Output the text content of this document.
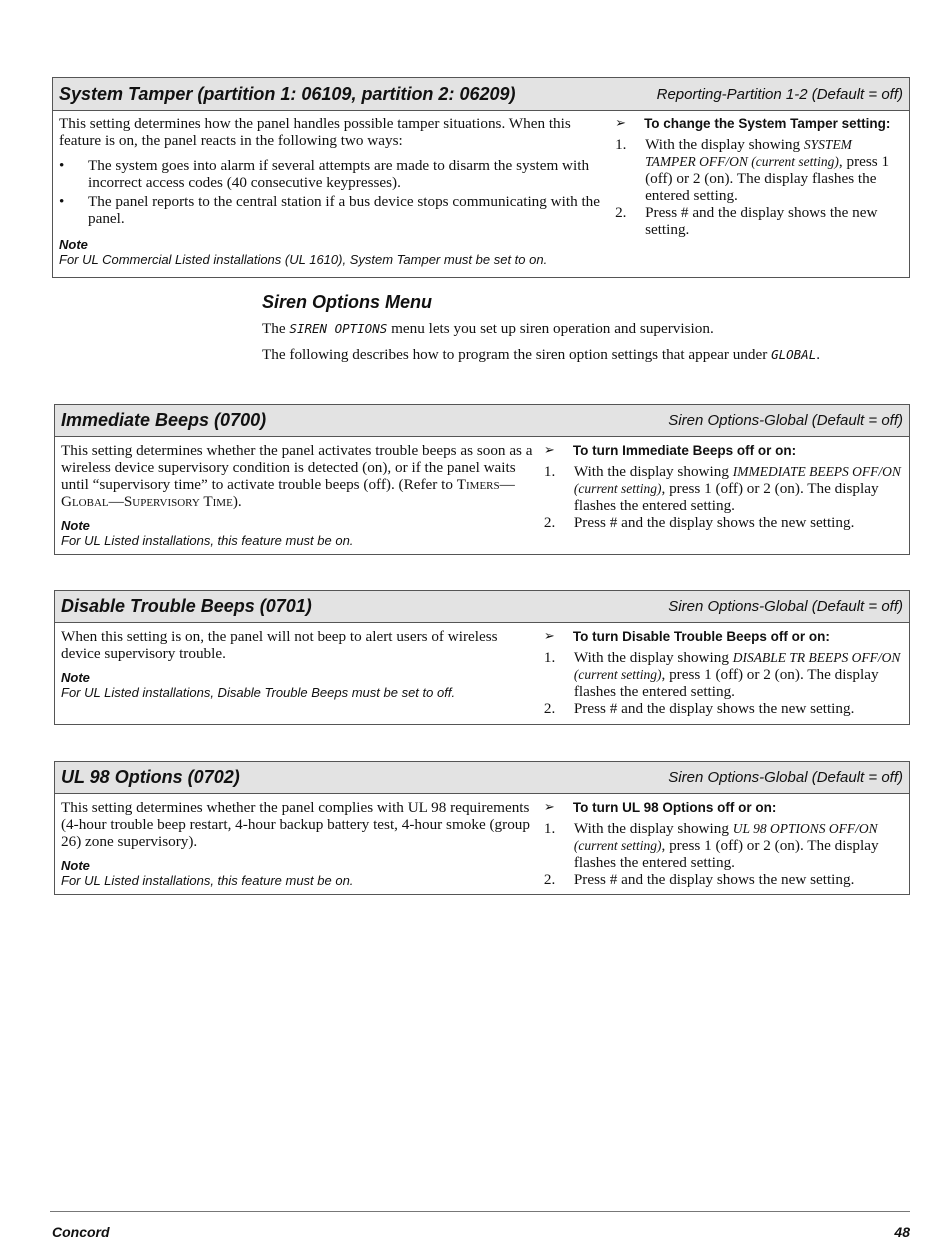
System Tamper (partition 1: 06109, partition 2: 06209)	Reporting-Partition 1-2 (Default = off)

This setting determines how the panel handles possible tamper situations. When this feature is on, the panel reacts in the following two ways:

• The system goes into alarm if several attempts are made to disarm the system with incorrect access codes (40 consecutive keypresses).
• The panel reports to the central station if a bus device stops communicating with the panel.
Note
For UL Commercial Listed installations (UL 1610), System Tamper must be set to on.
➢	To change the System Tamper setting:
1.	With the display showing SYSTEM TAMPER OFF/ON (current setting), press 1 (off) or 2 (on). The display flashes the entered setting.
2.	Press # and the display shows the new setting.
Siren Options Menu
The SIREN OPTIONS menu lets you set up siren operation and supervision.
The following describes how to program the siren option settings that appear under GLOBAL.
Immediate Beeps (0700)	Siren Options-Global (Default = off)

This setting determines whether the panel activates trouble beeps as soon as a wireless device supervisory condition is detected (on), or if the panel waits until “supervisory time” to activate trouble beeps (off). (Refer to Timers—Global—Supervisory Time).

Note
For UL Listed installations, this feature must be on.
➢	To turn Immediate Beeps off or on:
1.	With the display showing IMMEDIATE BEEPS OFF/ON (current setting), press 1 (off) or 2 (on). The display flashes the entered setting.
2.	Press # and the display shows the new setting.
Disable Trouble Beeps (0701)	Siren Options-Global (Default = off)

When this setting is on, the panel will not beep to alert users of wireless device supervisory trouble.

Note
For UL Listed installations, Disable Trouble Beeps must be set to off.
➢	To turn Disable Trouble Beeps off or on:
1.	With the display showing DISABLE TR BEEPS OFF/ON (current setting), press 1 (off) or 2 (on). The display flashes the entered setting.
2.	Press # and the display shows the new setting.
UL 98 Options (0702)	Siren Options-Global (Default = off)

This setting determines whether the panel complies with UL 98 requirements (4-hour trouble beep restart, 4-hour backup battery test, 4-hour smoke (group 26) zone supervisory).

Note
For UL Listed installations, this feature must be on.
➢	To turn UL 98 Options off or on:
1.	With the display showing UL 98 OPTIONS OFF/ON (current setting), press 1 (off) or 2 (on). The display flashes the entered setting.
2.	Press # and the display shows the new setting.
Concord	48
